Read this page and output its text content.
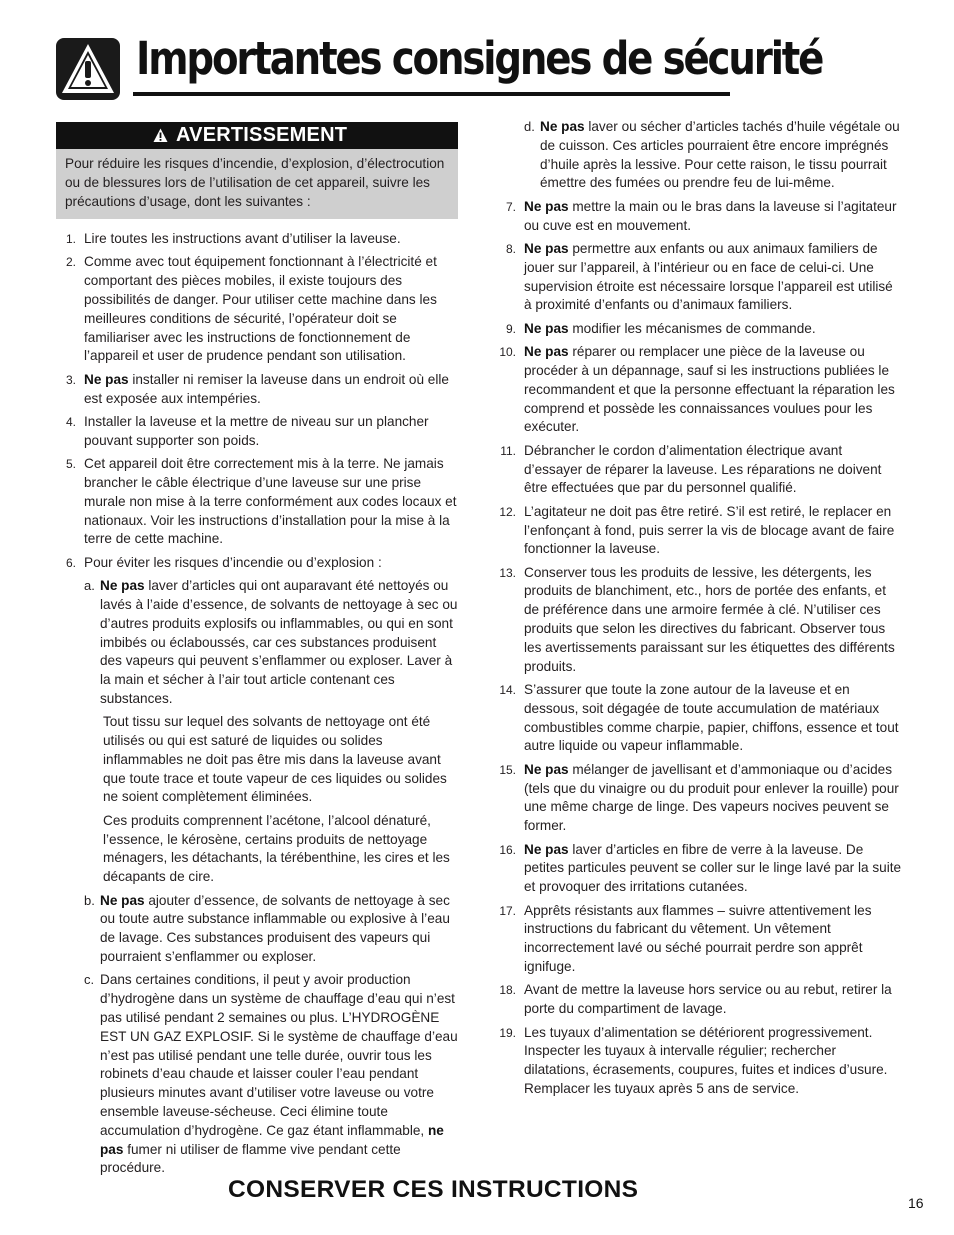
Importantes consignes de sécurité
AVERTISSEMENT
Pour réduire les risques d’incendie, d’explosion, d’électrocution ou de blessures lors de l’utilisation de cet appareil, suivre les précautions d’usage, dont les suivantes :
1. Lire toutes les instructions avant d’utiliser la laveuse.
2. Comme avec tout équipement fonctionnant à l’électricité et comportant des pièces mobiles, il existe toujours des possibilités de danger. Pour utiliser cette machine dans les meilleures conditions de sécurité, l’opérateur doit se familiariser avec les instructions de fonctionnement de l’appareil et user de prudence pendant son utilisation.
3. Ne pas installer ni remiser la laveuse dans un endroit où elle est exposée aux intempéries.
4. Installer la laveuse et la mettre de niveau sur un plancher pouvant supporter son poids.
5. Cet appareil doit être correctement mis à la terre. Ne jamais brancher le câble électrique d’une laveuse sur une prise murale non mise à la terre conformément aux codes locaux et nationaux. Voir les instructions d’installation pour la mise à la terre de cette machine.
6. Pour éviter les risques d’incendie ou d’explosion :
a. Ne pas laver d’articles qui ont auparavant été nettoyés ou lavés à l’aide d’essence, de solvants de nettoyage à sec ou d’autres produits explosifs ou inflammables, ou qui en sont imbibés ou éclaboussés, car ces substances produisent des vapeurs qui peuvent s’enflammer ou exploser. Laver à la main et sécher à l’air tout article contenant ces substances.
Tout tissu sur lequel des solvants de nettoyage ont été utilisés ou qui est saturé de liquides ou solides inflammables ne doit pas être mis dans la laveuse avant que toute trace et toute vapeur de ces liquides ou solides ne soient complètement éliminées.
Ces produits comprennent l’acétone, l’alcool dénaturé, l’essence, le kérosène, certains produits de nettoyage ménagers, les détachants, la térébenthine, les cires et les décapants de cire.
b. Ne pas ajouter d’essence, de solvants de nettoyage à sec ou toute autre substance inflammable ou explosive à l’eau de lavage. Ces substances produisent des vapeurs qui pourraient s’enflammer ou exploser.
c. Dans certaines conditions, il peut y avoir production d’hydrogène dans un système de chauffage d’eau qui n’est pas utilisé pendant 2 semaines ou plus. L’HYDROGÈNE EST UN GAZ EXPLOSIF. Si le système de chauffage d’eau n’est pas utilisé pendant une telle durée, ouvrir tous les robinets d’eau chaude et laisser couler l’eau pendant plusieurs minutes avant d’utiliser votre laveuse ou votre ensemble laveuse-sécheuse. Ceci élimine toute accumulation d’hydrogène. Ce gaz étant inflammable, ne pas fumer ni utiliser de flamme vive pendant cette procédure.
d. Ne pas laver ou sécher d’articles tachés d’huile végétale ou de cuisson. Ces articles pourraient être encore imprégnés d’huile après la lessive. Pour cette raison, le tissu pourrait émettre des fumées ou prendre feu de lui-même.
7. Ne pas mettre la main ou le bras dans la laveuse si l’agitateur ou cuve est en mouvement.
8. Ne pas permettre aux enfants ou aux animaux familiers de jouer sur l’appareil, à l’intérieur ou en face de celui-ci. Une supervision étroite est nécessaire lorsque l’appareil est utilisé à proximité d’enfants ou d’animaux familiers.
9. Ne pas modifier les mécanismes de commande.
10. Ne pas réparer ou remplacer une pièce de la laveuse ou procéder à un dépannage, sauf si les instructions publiées le recommandent et que la personne effectuant la réparation les comprend et possède les connaissances voulues pour les exécuter.
11. Débrancher le cordon d’alimentation électrique avant d’essayer de réparer la laveuse. Les réparations ne doivent être effectuées que par du personnel qualifié.
12. L’agitateur ne doit pas être retiré. S’il est retiré, le replacer en l’enfonçant à fond, puis serrer la vis de blocage avant de faire fonctionner la laveuse.
13. Conserver tous les produits de lessive, les détergents, les produits de blanchiment, etc., hors de portée des enfants, et de préférence dans une armoire fermée à clé. N’utiliser ces produits que selon les directives du fabricant. Observer tous les avertissements paraissant sur les étiquettes des différents produits.
14. S’assurer que toute la zone autour de la laveuse et en dessous, soit dégagée de toute accumulation de matériaux combustibles comme charpie, papier, chiffons, essence et tout autre liquide ou vapeur inflammable.
15. Ne pas mélanger de javellisant et d’ammoniaque ou d’acides (tels que du vinaigre ou du produit pour enlever la rouille) pour une même charge de linge. Des vapeurs nocives peuvent se former.
16. Ne pas laver d’articles en fibre de verre à la laveuse. De petites particules peuvent se coller sur le linge lavé par la suite et provoquer des irritations cutanées.
17. Apprêts résistants aux flammes – suivre attentivement les instructions du fabricant du vêtement. Un vêtement incorrectement lavé ou séché pourrait perdre son apprêt ignifuge.
18. Avant de mettre la laveuse hors service ou au rebut, retirer la porte du compartiment de lavage.
19. Les tuyaux d’alimentation se détériorent progressivement. Inspecter les tuyaux à intervalle régulier; rechercher dilatations, écrasements, coupures, fuites et indices d’usure. Remplacer les tuyaux après 5 ans de service.
CONSERVER CES INSTRUCTIONS	16
